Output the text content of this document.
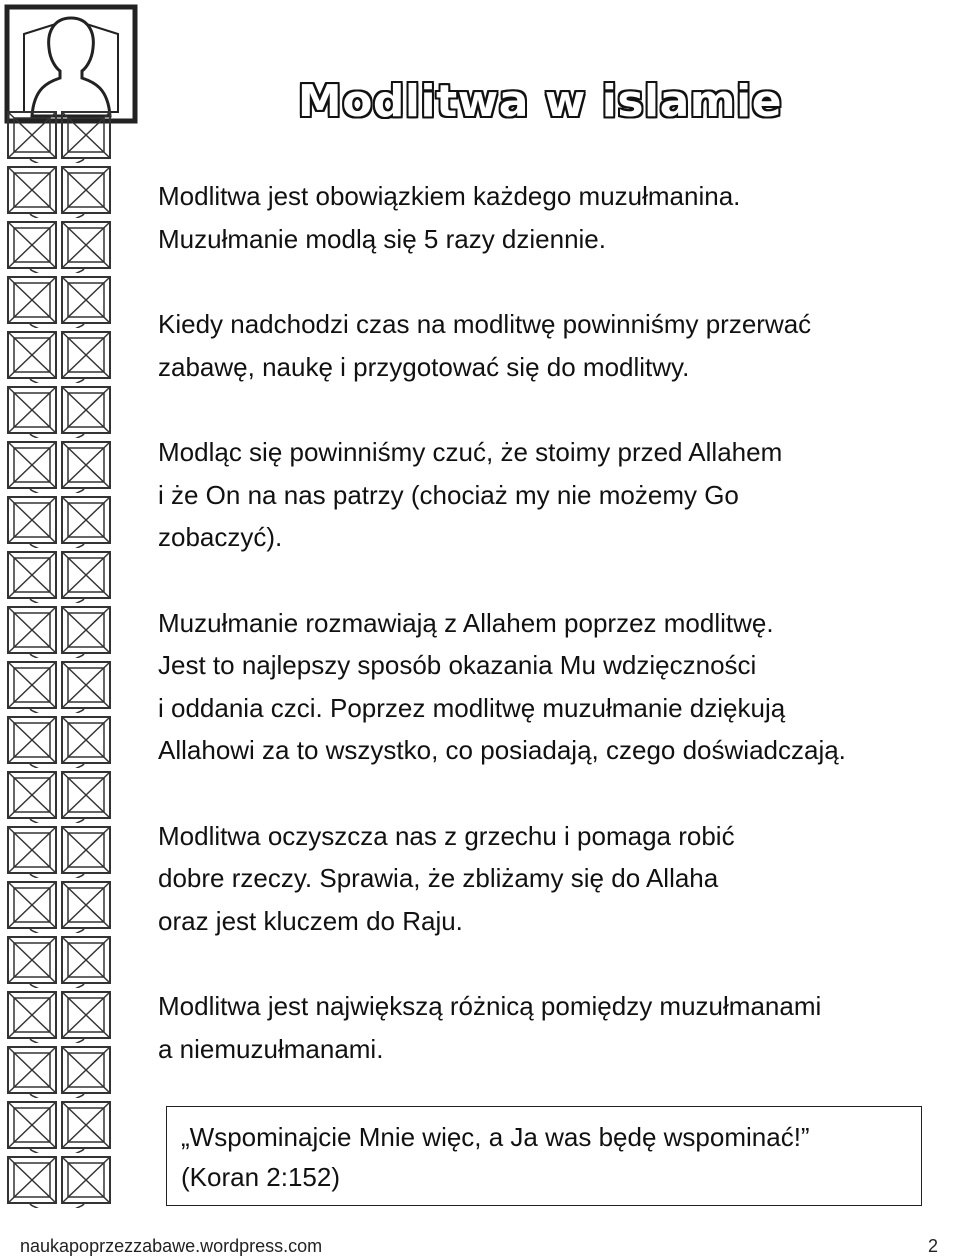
Modlitwa w islamie

Modlitwa jest obowiązkiem każdego muzułmanina.
Muzułmanie modlą się 5 razy dziennie.

Kiedy nadchodzi czas na modlitwę powinniśmy przerwać
zabawę, naukę i przygotować się do modlitwy.

Modląc się powinniśmy czuć, że stoimy przed Allahem
i że On na nas patrzy (chociaż my nie możemy Go
zobaczyć).

Muzułmanie rozmawiają z Allahem poprzez modlitwę.
Jest to najlepszy sposób okazania Mu wdzięczności
i oddania czci. Poprzez modlitwę muzułmanie dziękują
Allahowi za to wszystko, co posiadają, czego doświadczają.

Modlitwa oczyszcza nas z grzechu i pomaga robić
dobre rzeczy. Sprawia, że zbliżamy się do Allaha
oraz jest kluczem do Raju.

Modlitwa jest największą różnicą pomiędzy muzułmanami
a niemuzułmanami.

„Wspominajcie Mnie więc, a Ja was będę wspominać!”
(Koran 2:152)
naukapoprzezzabawe.wordpress.com	2
